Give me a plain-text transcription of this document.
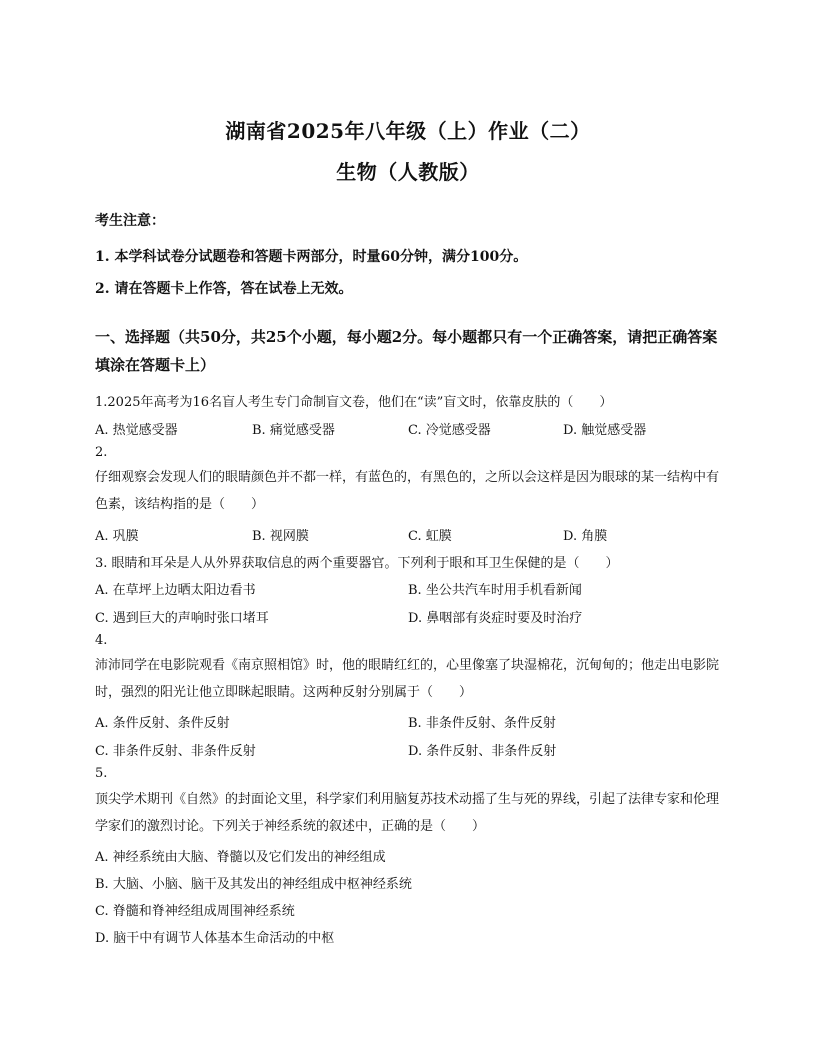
湖南省2025年八年级（上）作业（二）
生物（人教版）
考生注意：
1. 本学科试卷分试题卷和答题卡两部分，时量60分钟，满分100分。
2. 请在答题卡上作答，答在试卷上无效。
一、选择题（共50分，共25个小题，每小题2分。每小题都只有一个正确答案，请把正确答案填涂在答题卡上）
1.2025年高考为16名盲人考生专门命制盲文卷，他们在“读”盲文时，依靠皮肤的（　　）
A. 热觉感受器	B. 痛觉感受器	C. 冷觉感受器	D. 触觉感受器
2.
仔细观察会发现人们的眼睛颜色并不都一样，有蓝色的，有黑色的，之所以会这样是因为眼球的某一结构中有色素，该结构指的是（　　）
A. 巩膜	B. 视网膜	C. 虹膜	D. 角膜
3. 眼睛和耳朵是人从外界获取信息的两个重要器官。下列利于眼和耳卫生保健的是（　　）
A. 在草坪上边晒太阳边看书	B. 坐公共汽车时用手机看新闻
C. 遇到巨大的声响时张口堵耳	D. 鼻咽部有炎症时要及时治疗
4.
沛沛同学在电影院观看《南京照相馆》时，他的眼睛红红的，心里像塞了块湿棉花，沉甸甸的；他走出电影院时，强烈的阳光让他立即眯起眼睛。这两种反射分别属于（　　）
A. 条件反射、条件反射	B. 非条件反射、条件反射
C. 非条件反射、非条件反射	D. 条件反射、非条件反射
5.
顶尖学术期刊《自然》的封面论文里，科学家们利用脑复苏技术动摇了生与死的界线，引起了法律专家和伦理学家们的激烈讨论。下列关于神经系统的叙述中，正确的是（　　）
A. 神经系统由大脑、脊髓以及它们发出的神经组成
B. 大脑、小脑、脑干及其发出的神经组成中枢神经系统
C. 脊髓和脊神经组成周围神经系统
D. 脑干中有调节人体基本生命活动的中枢
